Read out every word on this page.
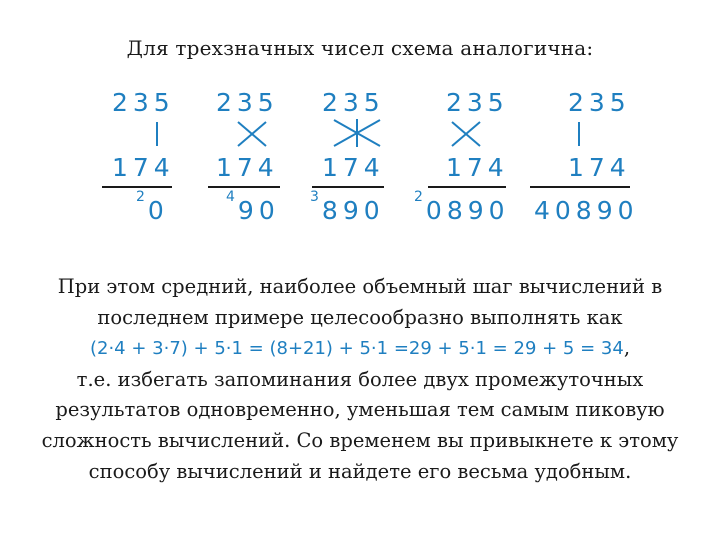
Для трехзначных чисел схема аналогична:
235
174
$^2$ 0
235
174
$^4$ 90
235
174
$^3$ 890
235
174
$^2$ 0890
235
174
40890
При этом средний, наиболее объемный шаг вычислений в
последнем примере целесообразно выполнять как
(2·4 + 3·7) + 5·1 = (8+21) + 5·1 =29 + 5·1 = 29 + 5 = 34,
т.е. избегать запоминания более двух промежуточных
результатов одновременно, уменьшая тем самым пиковую
сложность вычислений. Со временем вы привыкнете к этому
способу вычислений и найдете его весьма удобным.
